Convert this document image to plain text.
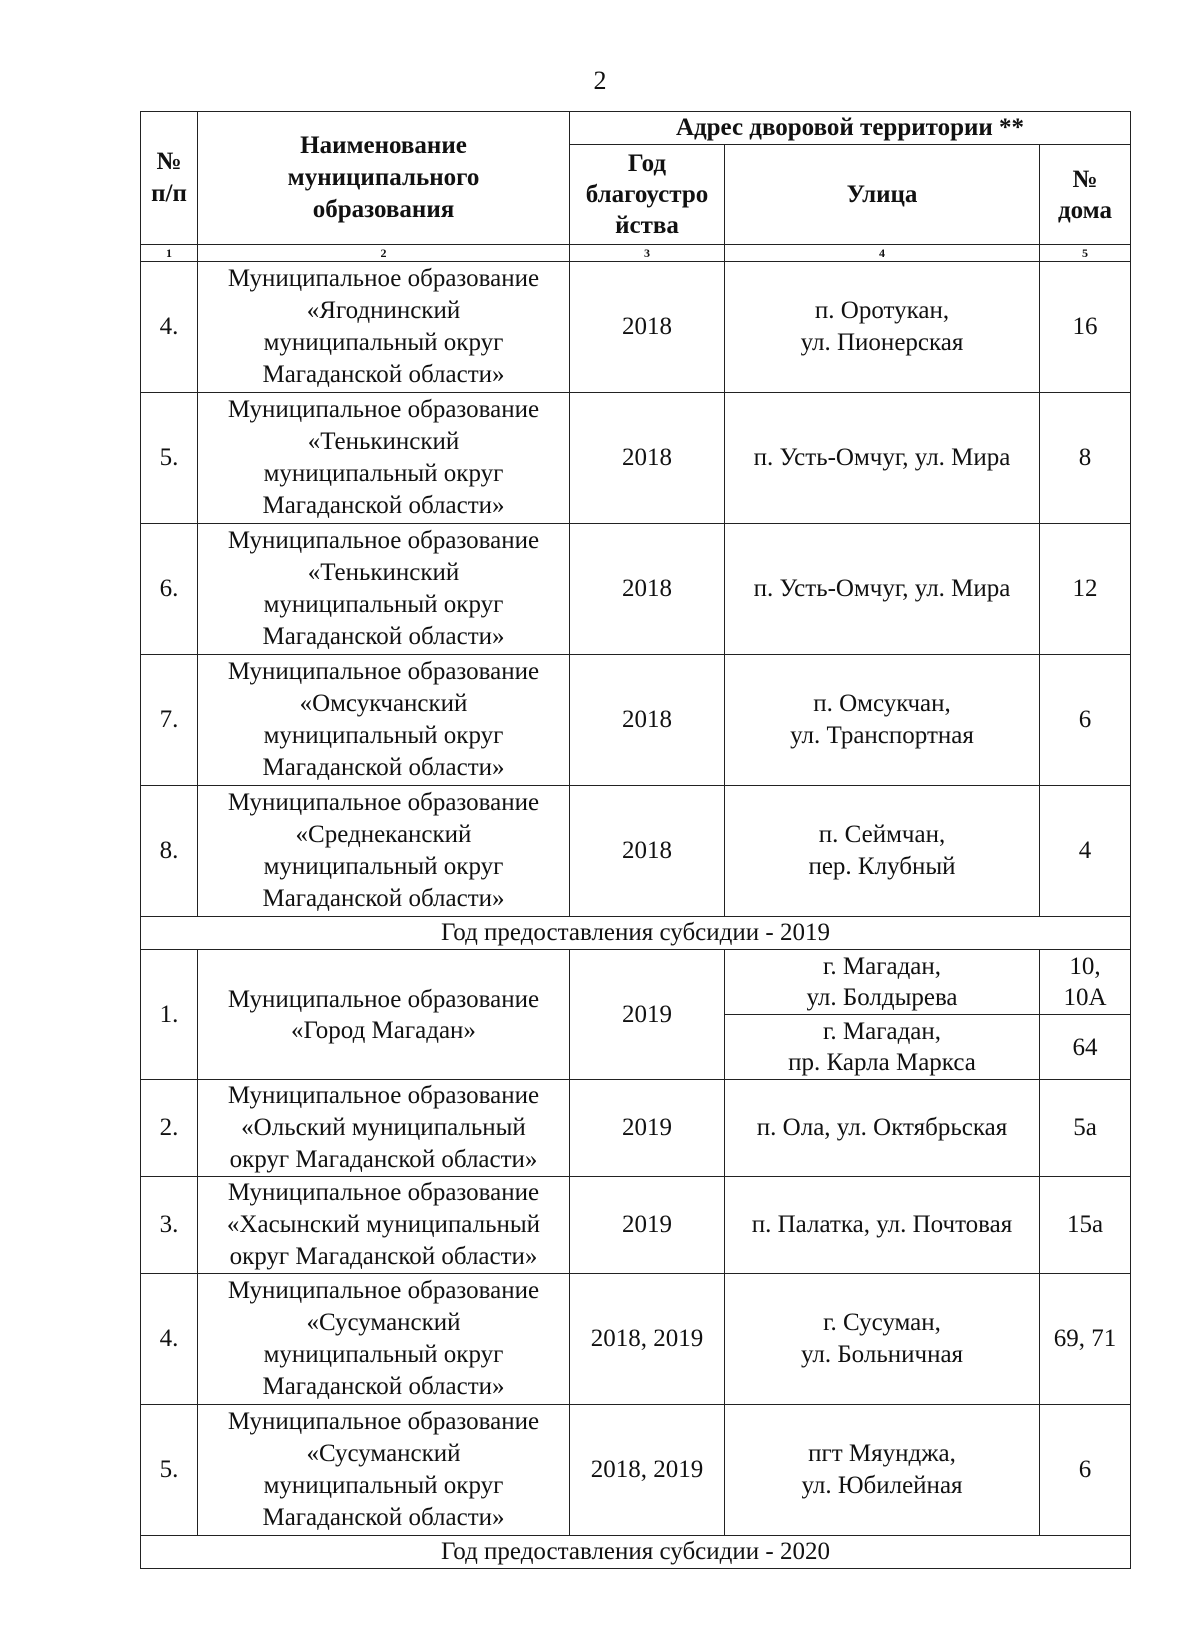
2
№
п/п	Наименование
муниципального
образования	Адрес дворовой территории **		
		Год
благоустро
йства	Улица	№
дома
1	2	3	4	5
4.	Муниципальное образование
«Ягоднинский
муниципальный округ
Магаданской области»	2018	п. Оротукан,
ул. Пионерская	16
5.	Муниципальное образование
«Тенькинский
муниципальный округ
Магаданской области»	2018	п. Усть-Омчуг, ул. Мира	8
6.	Муниципальное образование
«Тенькинский
муниципальный округ
Магаданской области»	2018	п. Усть-Омчуг, ул. Мира	12
7.	Муниципальное образование
«Омсукчанский
муниципальный округ
Магаданской области»	2018	п. Омсукчан,
ул. Транспортная	6
8.	Муниципальное образование
«Среднеканский
муниципальный округ
Магаданской области»	2018	п. Сеймчан,
пер. Клубный	4
Год предоставления субсидии - 2019				
1.	Муниципальное образование
«Город Магадан»	2019	г. Магадан,
ул. Болдырева	10,
10А
			г. Магадан,
пр. Карла Маркса	64
2.	Муниципальное образование
«Ольский муниципальный
округ Магаданской области»	2019	п. Ола, ул. Октябрьская	5а
3.	Муниципальное образование
«Хасынский муниципальный
округ Магаданской области»	2019	п. Палатка, ул. Почтовая	15а
4.	Муниципальное образование
«Сусуманский
муниципальный округ
Магаданской области»	2018, 2019	г. Сусуман,
ул. Больничная	69, 71
5.	Муниципальное образование
«Сусуманский
муниципальный округ
Магаданской области»	2018, 2019	пгт Мяунджа,
ул. Юбилейная	6
Год предоставления субсидии - 2020				
